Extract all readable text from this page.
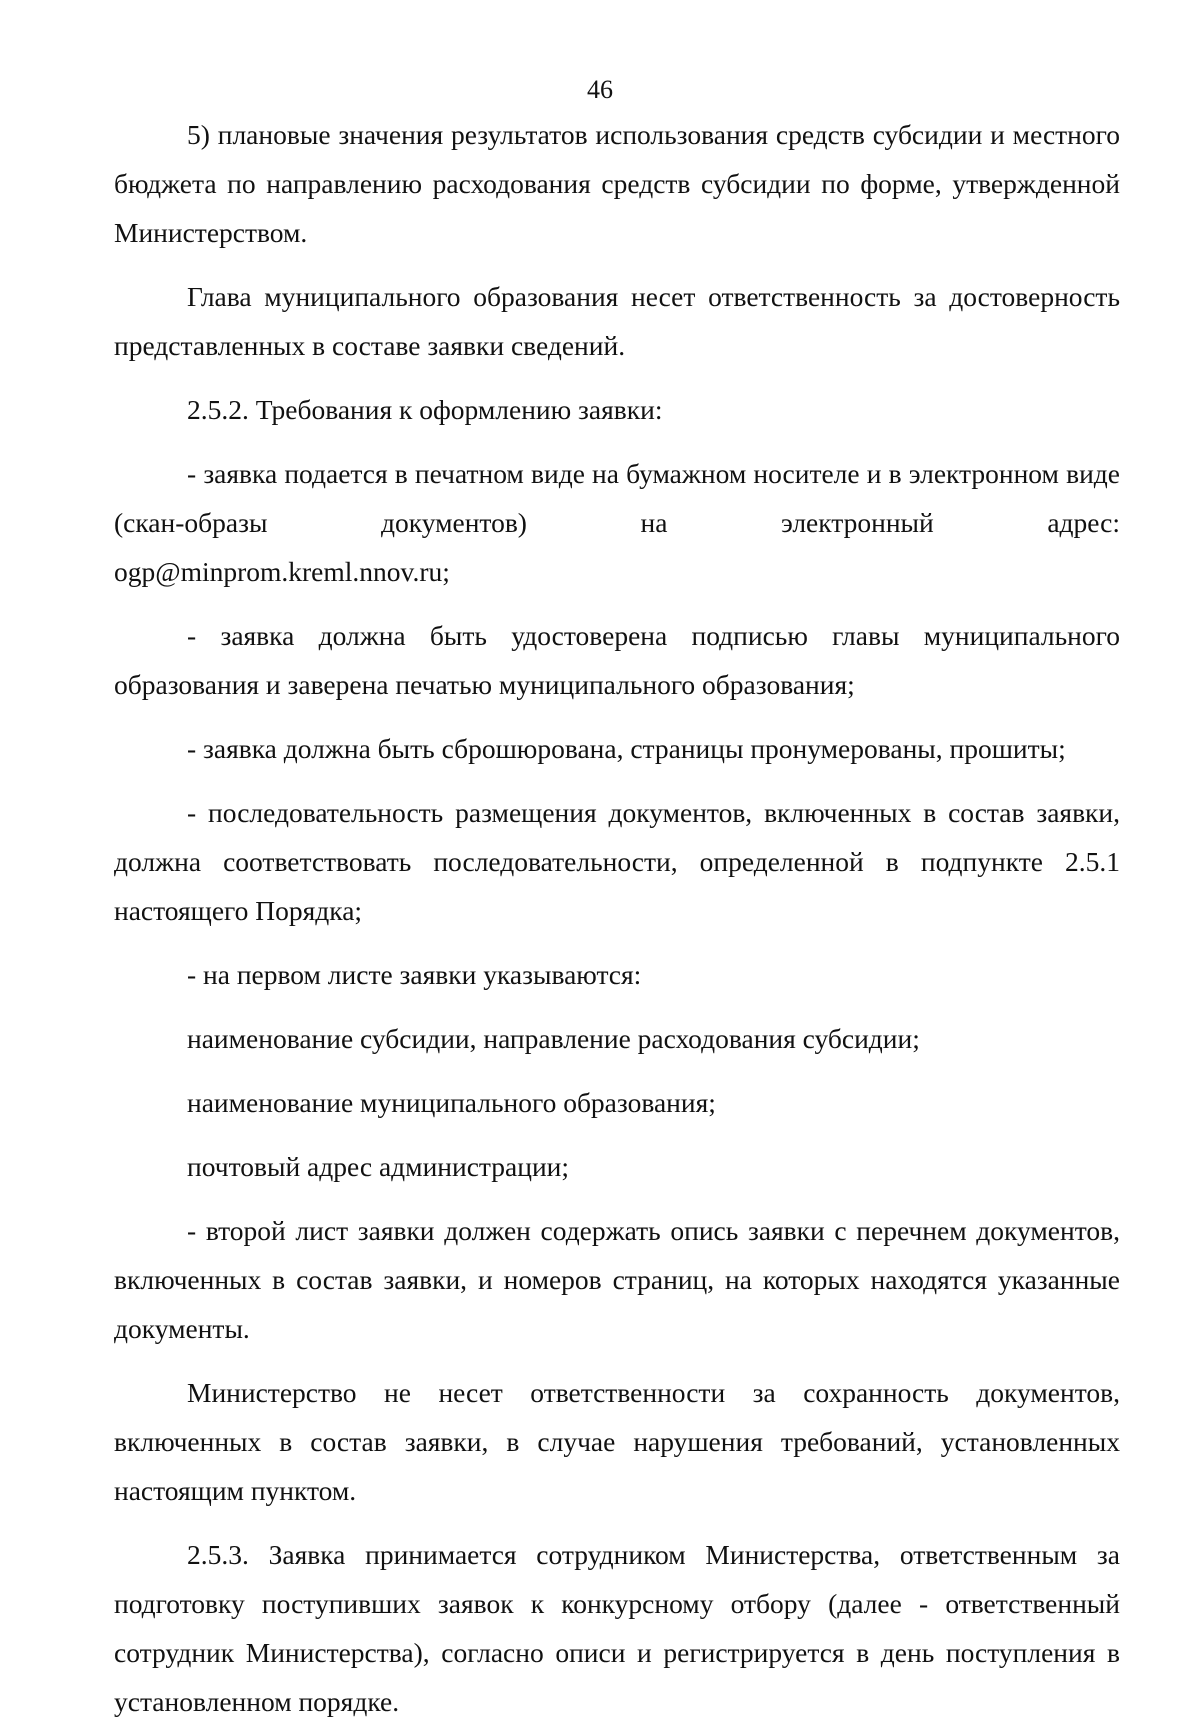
46

5) плановые значения результатов использования средств субсидии и местного бюджета по направлению расходования средств субсидии по форме, утвержденной Министерством.

Глава муниципального образования несет ответственность за достоверность представленных в составе заявки сведений.

2.5.2. Требования к оформлению заявки:

- заявка подается в печатном виде на бумажном носителе и в электронном виде (скан-образы документов) на электронный адрес:

ogp@minprom.kreml.nnov.ru;

- заявка должна быть удостоверена подписью главы муниципального образования и заверена печатью муниципального образования;

- заявка должна быть сброшюрована, страницы пронумерованы, прошиты;

- последовательность размещения документов, включенных в состав заявки, должна соответствовать последовательности, определенной в подпункте 2.5.1 настоящего Порядка;

- на первом листе заявки указываются:

наименование субсидии, направление расходования субсидии;

наименование муниципального образования;

почтовый адрес администрации;

- второй лист заявки должен содержать опись заявки с перечнем документов, включенных в состав заявки, и номеров страниц, на которых находятся указанные документы.

Министерство не несет ответственности за сохранность документов, включенных в состав заявки, в случае нарушения требований, установленных настоящим пунктом.

2.5.3. Заявка принимается сотрудником Министерства, ответственным за подготовку поступивших заявок к конкурсному отбору (далее - ответственный сотрудник Министерства), согласно описи и регистрируется в день поступления в установленном порядке.
